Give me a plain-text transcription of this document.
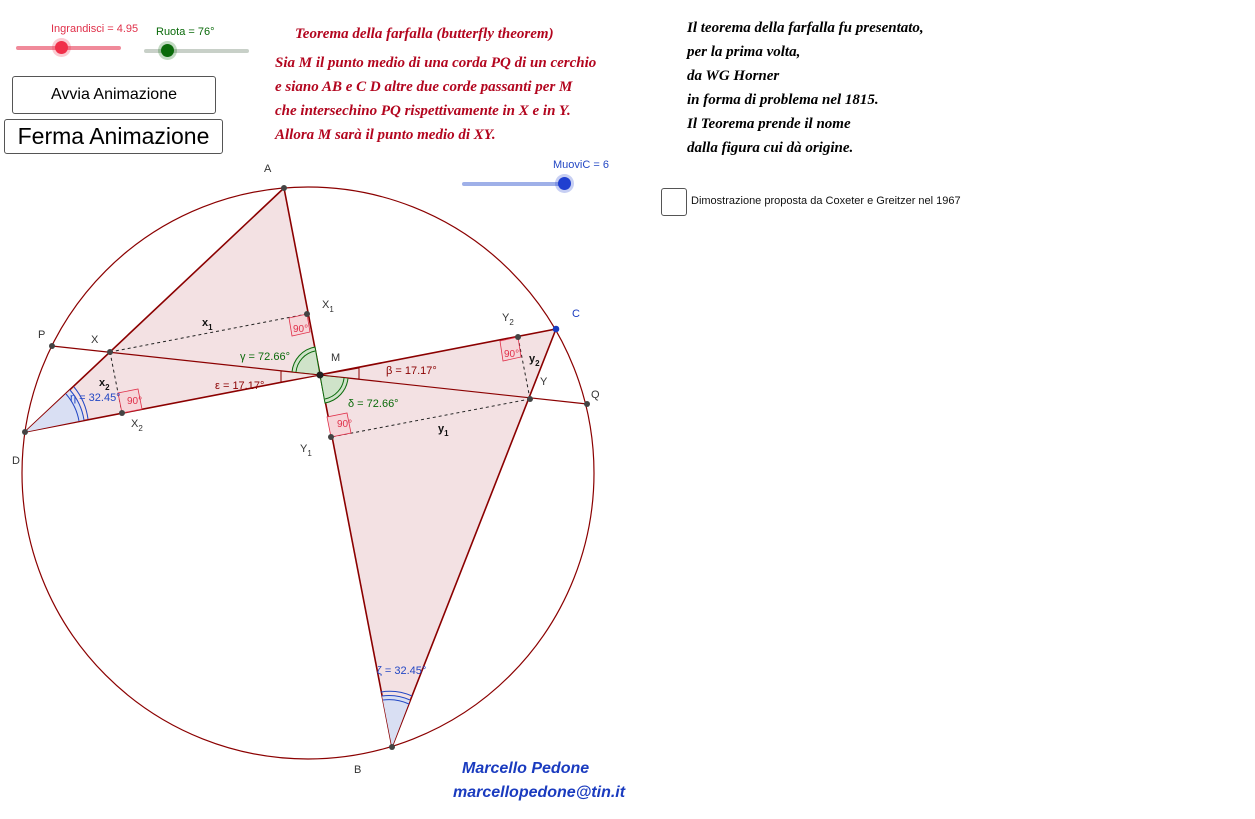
A
B
C
D
P
Q
M
X
Y
$X_1$
$X_2$
$Y_1$
$Y_2$
$x_1$
$x_2$
$y_1$
$y_2$
γ = 72.66°
δ = 72.66°
β = 17.17°
ε = 17.17°
η = 32.45°
ζ = 32.45°
90°
90°
90°
90°
Ingrandisci = 4.95 Ruota = 76°
MuoviC = 6
Avvia Animazione
Ferma Animazione
Teorema della farfalla (butterfly theorem)
Sia M il punto medio di una corda PQ di un cerchio
e siano AB e C D altre due corde passanti per M
che intersechino PQ rispettivamente in X e in Y.
Allora M sarà il punto medio di XY.
Il teorema della farfalla fu presentato,
per la prima volta,
da WG Horner
in forma di problema nel 1815.
Il Teorema prende il nome
dalla figura cui dà origine.
Dimostrazione proposta da Coxeter e Greitzer nel 1967
Marcello Pedone
marcellopedone@tin.it
